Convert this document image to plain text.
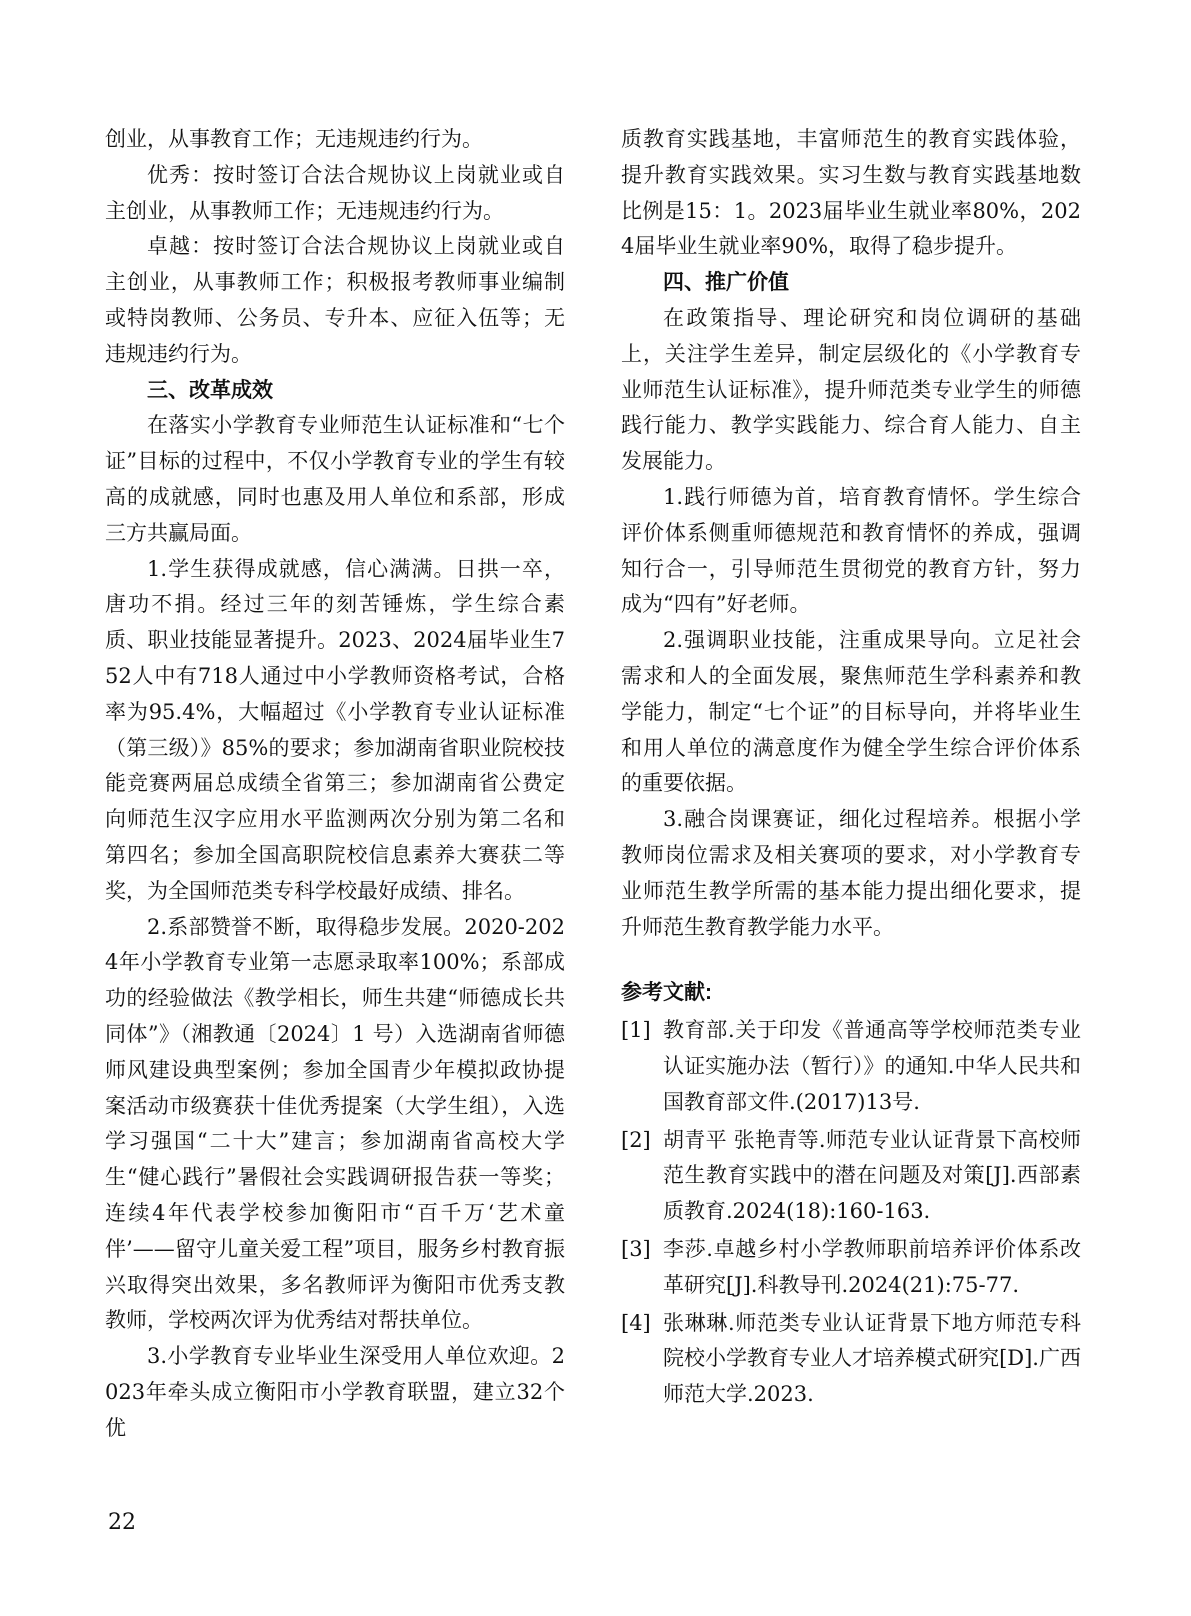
创业，从事教育工作；无违规违约行为。

优秀：按时签订合法合规协议上岗就业或自主创业，从事教师工作；无违规违约行为。

卓越：按时签订合法合规协议上岗就业或自主创业，从事教师工作；积极报考教师事业编制或特岗教师、公务员、专升本、应征入伍等；无违规违约行为。

三、改革成效

在落实小学教育专业师范生认证标准和“七个证”目标的过程中，不仅小学教育专业的学生有较高的成就感，同时也惠及用人单位和系部，形成三方共赢局面。

1.学生获得成就感，信心满满。日拱一卒，唐功不捐。经过三年的刻苦锤炼，学生综合素质、职业技能显著提升。2023、2024届毕业生752人中有718人通过中小学教师资格考试，合格率为95.4%，大幅超过《小学教育专业认证标准（第三级）》85%的要求；参加湖南省职业院校技能竞赛两届总成绩全省第三；参加湖南省公费定向师范生汉字应用水平监测两次分别为第二名和第四名；参加全国高职院校信息素养大赛获二等奖，为全国师范类专科学校最好成绩、排名。

2.系部赞誉不断，取得稳步发展。2020-2024年小学教育专业第一志愿录取率100%；系部成功的经验做法《教学相长，师生共建“师德成长共同体”》（湘教通〔2024〕1 号）入选湖南省师德师风建设典型案例；参加全国青少年模拟政协提案活动市级赛获十佳优秀提案（大学生组），入选学习强国“二十大”建言；参加湖南省高校大学生“健心践行”暑假社会实践调研报告获一等奖；连续4年代表学校参加衡阳市“百千万‘艺术童伴’——留守儿童关爱工程”项目，服务乡村教育振兴取得突出效果，多名教师评为衡阳市优秀支教教师，学校两次评为优秀结对帮扶单位。

3.小学教育专业毕业生深受用人单位欢迎。2023年牵头成立衡阳市小学教育联盟，建立32个优

质教育实践基地，丰富师范生的教育实践体验，提升教育实践效果。实习生数与教育实践基地数比例是15：1。2023届毕业生就业率80%，2024届毕业生就业率90%，取得了稳步提升。

四、推广价值

在政策指导、理论研究和岗位调研的基础上，关注学生差异，制定层级化的《小学教育专业师范生认证标准》，提升师范类专业学生的师德践行能力、教学实践能力、综合育人能力、自主发展能力。

1.践行师德为首，培育教育情怀。学生综合评价体系侧重师德规范和教育情怀的养成，强调知行合一，引导师范生贯彻党的教育方针，努力成为“四有”好老师。

2.强调职业技能，注重成果导向。立足社会需求和人的全面发展，聚焦师范生学科素养和教学能力，制定“七个证”的目标导向，并将毕业生和用人单位的满意度作为健全学生综合评价体系的重要依据。

3.融合岗课赛证，细化过程培养。根据小学教师岗位需求及相关赛项的要求，对小学教育专业师范生教学所需的基本能力提出细化要求，提升师范生教育教学能力水平。

参考文献:
[1] 教育部.关于印发《普通高等学校师范类专业认证实施办法（暂行）》的通知.中华人民共和国教育部文件.(2017)13号.
[2] 胡青平 张艳青等.师范专业认证背景下高校师范生教育实践中的潜在问题及对策[J].西部素质教育.2024(18):160-163.
[3] 李莎.卓越乡村小学教师职前培养评价体系改革研究[J].科教导刊.2024(21):75-77.
[4] 张琳琳.师范类专业认证背景下地方师范专科院校小学教育专业人才培养模式研究[D].广西师范大学.2023.
22
